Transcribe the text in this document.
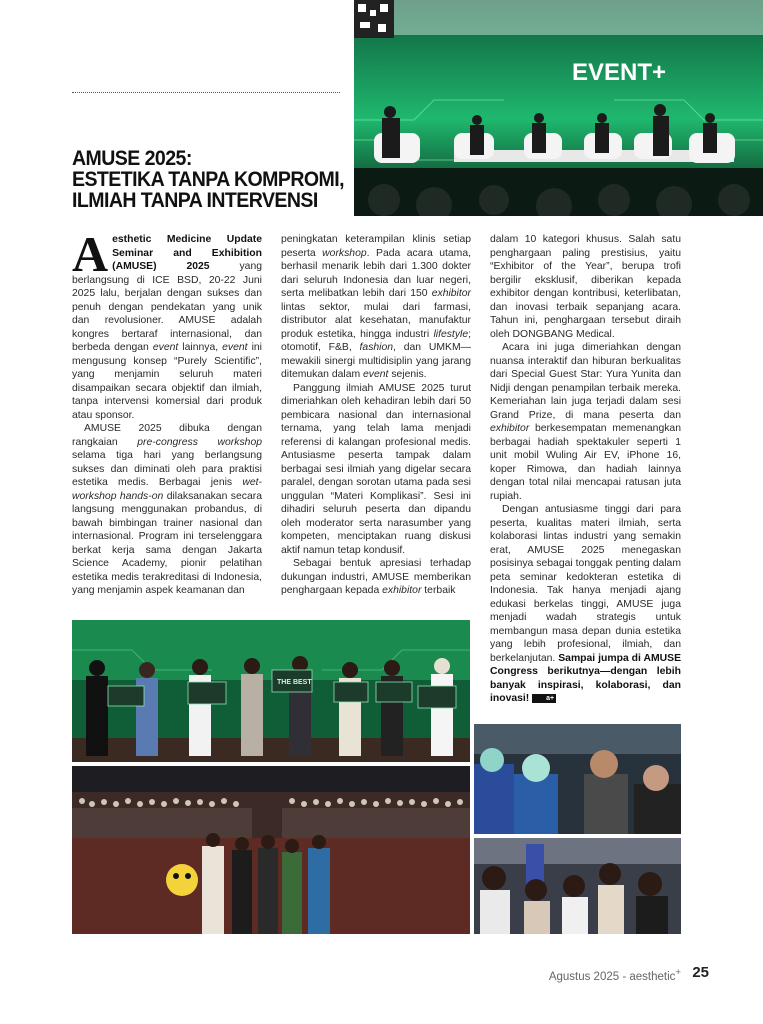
EVENT+
AMUSE 2025:
ESTETIKA TANPA KOMPROMI,
ILMIAH TANPA INTERVENSI

Aesthetic Medicine Update Seminar and Exhibition (AMUSE) 2025 yang berlangsung di ICE BSD, 20-22 Juni 2025 lalu, berjalan dengan sukses dan penuh dengan pendekatan yang unik dan revolusioner. AMUSE adalah kongres bertaraf internasional, dan berbeda dengan event lainnya, event ini mengusung konsep “Purely Scientific”, yang menjamin seluruh materi disampaikan secara objektif dan ilmiah, tanpa intervensi komersial dari produk atau sponsor.

AMUSE 2025 dibuka dengan rangkaian pre-congress workshop selama tiga hari yang berlangsung sukses dan diminati oleh para praktisi estetika medis. Berbagai jenis wet-workshop hands-on dilaksanakan secara langsung menggunakan probandus, di bawah bimbingan trainer nasional dan internasional. Program ini terselenggara berkat kerja sama dengan Jakarta Science Academy, pionir pelatihan estetika medis terakreditasi di Indonesia, yang menjamin aspek keamanan dan

peningkatan keterampilan klinis setiap peserta workshop. Pada acara utama, berhasil menarik lebih dari 1.300 dokter dari seluruh Indonesia dan luar negeri, serta melibatkan lebih dari 150 exhibitor lintas sektor, mulai dari farmasi, distributor alat kesehatan, manufaktur produk estetika, hingga industri lifestyle; otomotif, F&B, fashion, dan UMKM—mewakili sinergi multidisiplin yang jarang ditemukan dalam event sejenis.

Panggung ilmiah AMUSE 2025 turut dimeriahkan oleh kehadiran lebih dari 50 pembicara nasional dan internasional ternama, yang telah lama menjadi referensi di kalangan profesional medis. Antusiasme peserta tampak dalam berbagai sesi ilmiah yang digelar secara paralel, dengan sorotan utama pada sesi unggulan “Materi Komplikasi”. Sesi ini dihadiri seluruh peserta dan dipandu oleh moderator serta narasumber yang kompeten, menciptakan ruang diskusi aktif namun tetap kondusif.

Sebagai bentuk apresiasi terhadap dukungan industri, AMUSE memberikan penghargaan kepada exhibitor terbaik

dalam 10 kategori khusus. Salah satu penghargaan paling prestisius, yaitu “Exhibitor of the Year”, berupa trofi bergilir eksklusif, diberikan kepada exhibitor dengan kontribusi, keterlibatan, dan inovasi terbaik sepanjang acara. Tahun ini, penghargaan tersebut diraih oleh DONGBANG Medical.

Acara ini juga dimeriahkan dengan nuansa interaktif dan hiburan berkualitas dari Special Guest Star: Yura Yunita dan Nidji dengan penampilan terbaik mereka. Kemeriahan lain juga terjadi dalam sesi Grand Prize, di mana peserta dan exhibitor berkesempatan memenangkan berbagai hadiah spektakuler seperti 1 unit mobil Wuling Air EV, iPhone 16, koper Rimowa, dan hadiah lainnya dengan total nilai mencapai ratusan juta rupiah.

Dengan antusiasme tinggi dari para peserta, kualitas materi ilmiah, serta kolaborasi lintas industri yang semakin erat, AMUSE 2025 menegaskan posisinya sebagai tonggak penting dalam peta seminar kedokteran estetika di Indonesia. Tak hanya menjadi ajang edukasi berkelas tinggi, AMUSE juga menjadi wadah strategis untuk membangun masa depan dunia estetika yang lebih profesional, ilmiah, dan berkelanjutan. Sampai jumpa di AMUSE Congress berikutnya—dengan lebih banyak inspirasi, kolaborasi, dan inovasi! a+

THE BEST
Agustus 2025 - aesthetic+ 25
